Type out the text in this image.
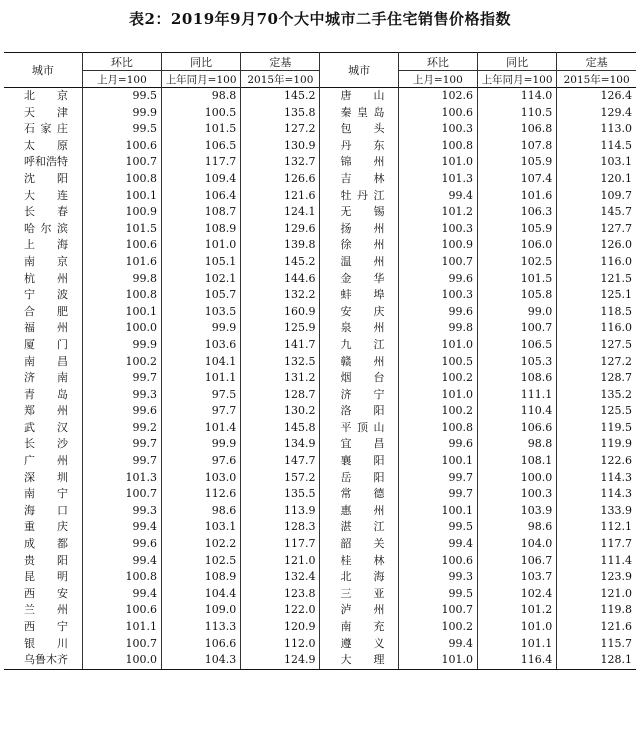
表2：2019年9月70个大中城市二手住宅销售价格指数
城市	环比	同比	定基	城市	环比	同比	定基
	上月=100	上年同月=100	2015年=100		上月=100	上年同月=100	2015年=100
北京	99.5	98.8	145.2	唐山	102.6	114.0	126.4
天津	99.9	100.5	135.8	秦皇岛	100.6	110.5	129.4
石家庄	99.5	101.5	127.2	包头	100.3	106.8	113.0
太原	100.6	106.5	130.9	丹东	100.8	107.8	114.5
呼和浩特	100.7	117.7	132.7	锦州	101.0	105.9	103.1
沈阳	100.8	109.4	126.6	吉林	101.3	107.4	120.1
大连	100.1	106.4	121.6	牡丹江	99.4	101.6	109.7
长春	100.9	108.7	124.1	无锡	101.2	106.3	145.7
哈尔滨	101.5	108.9	129.6	扬州	100.3	105.9	127.7
上海	100.6	101.0	139.8	徐州	100.9	106.0	126.0
南京	101.6	105.1	145.2	温州	100.7	102.5	116.0
杭州	99.8	102.1	144.6	金华	99.6	101.5	121.5
宁波	100.8	105.7	132.2	蚌埠	100.3	105.8	125.1
合肥	100.1	103.5	160.9	安庆	99.6	99.0	118.5
福州	100.0	99.9	125.9	泉州	99.8	100.7	116.0
厦门	99.9	103.6	141.7	九江	101.0	106.5	127.5
南昌	100.2	104.1	132.5	赣州	100.5	105.3	127.2
济南	99.7	101.1	131.2	烟台	100.2	108.6	128.7
青岛	99.3	97.5	128.7	济宁	101.0	111.1	135.2
郑州	99.6	97.7	130.2	洛阳	100.2	110.4	125.5
武汉	99.2	101.4	145.8	平顶山	100.8	106.6	119.5
长沙	99.7	99.9	134.9	宜昌	99.6	98.8	119.9
广州	99.7	97.6	147.7	襄阳	100.1	108.1	122.6
深圳	101.3	103.0	157.2	岳阳	99.7	100.0	114.3
南宁	100.7	112.6	135.5	常德	99.7	100.3	114.3
海口	99.3	98.6	113.9	惠州	100.1	103.9	133.9
重庆	99.4	103.1	128.3	湛江	99.5	98.6	112.1
成都	99.6	102.2	117.7	韶关	99.4	104.0	117.7
贵阳	99.4	102.5	121.0	桂林	100.6	106.7	111.4
昆明	100.8	108.9	132.4	北海	99.3	103.7	123.9
西安	99.4	104.4	123.8	三亚	99.5	102.4	121.0
兰州	100.6	109.0	122.0	泸州	100.7	101.2	119.8
西宁	101.1	113.3	120.9	南充	100.2	101.0	121.6
银川	100.7	106.6	112.0	遵义	99.4	101.1	115.7
乌鲁木齐	100.0	104.3	124.9	大理	101.0	116.4	128.1
